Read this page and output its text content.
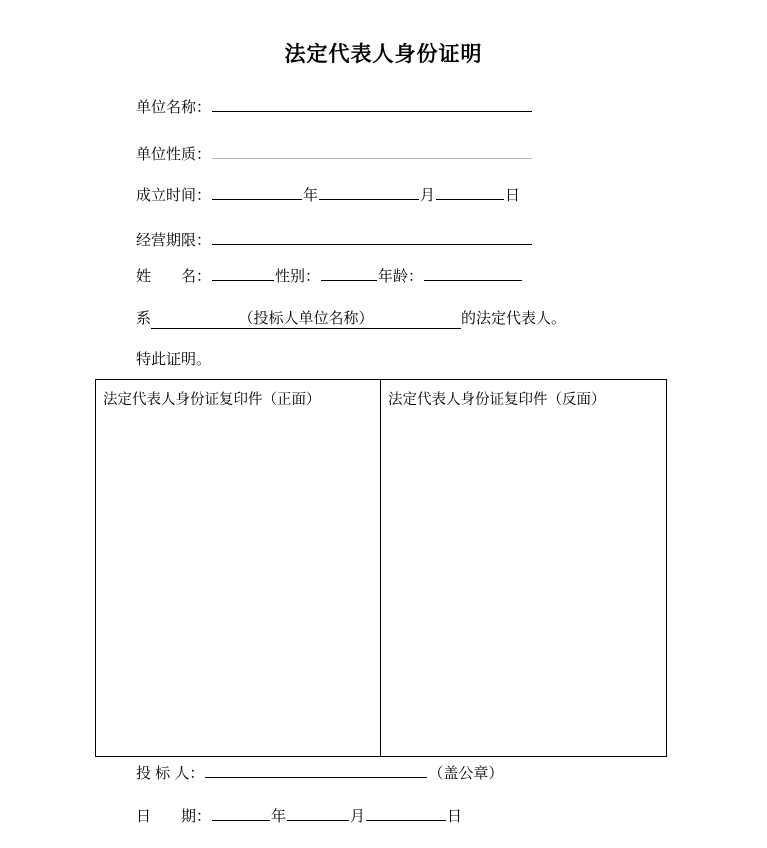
法定代表人身份证明
单位名称：
单位性质：
成立时间：	年	月	日
经营期限：
姓　　名：	性别：	年龄：
系	（投标人单位名称）	的法定代表人。
特此证明。
法定代表人身份证复印件（正面）	法定代表人身份证复印件（反面）
投 标 人：	（盖公章）
日　　期：	年	月	日
